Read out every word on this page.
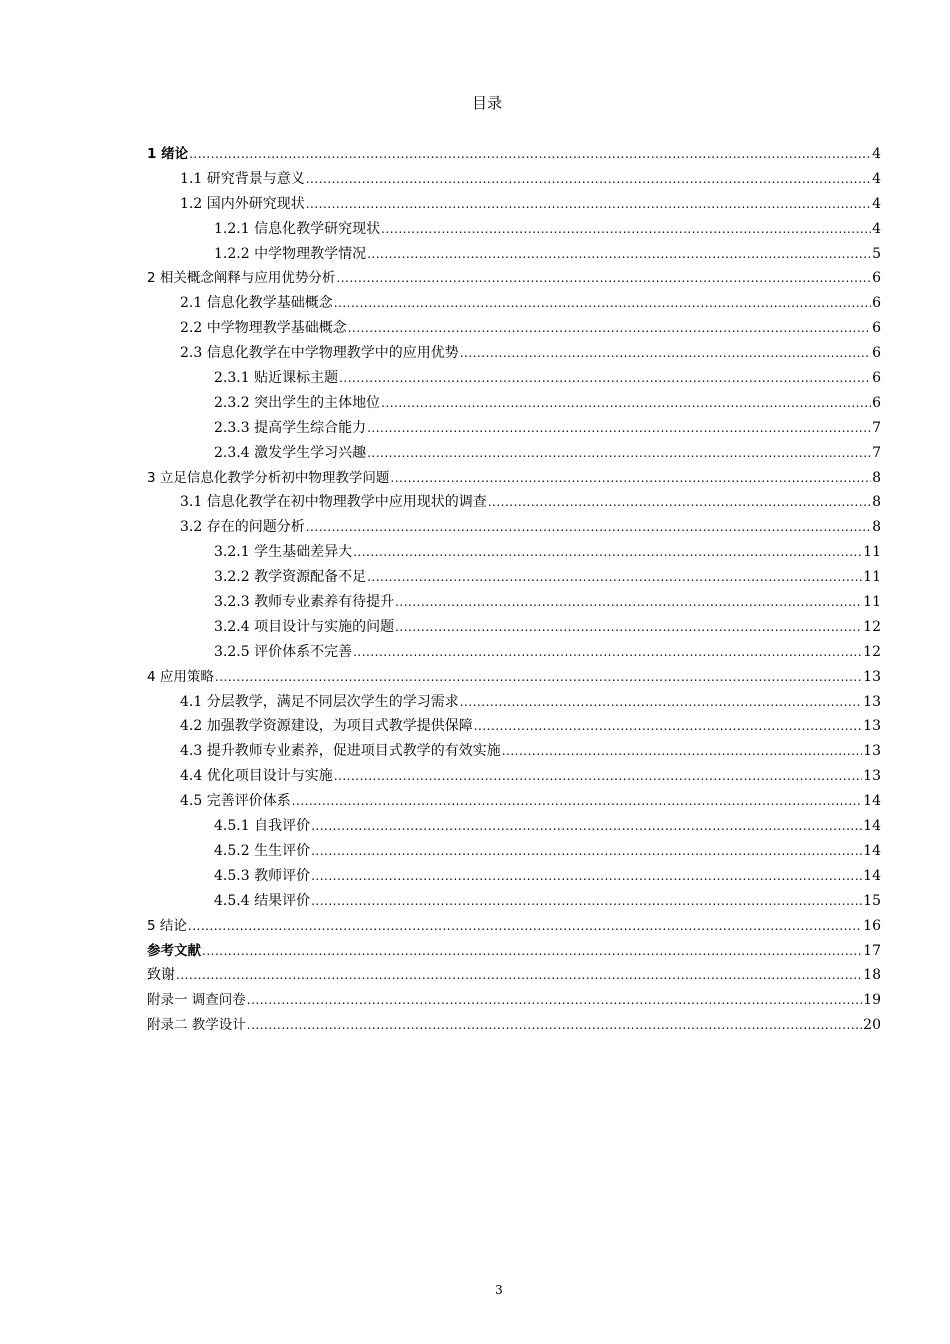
目录
1 绪论 .....	4
1.1 研究背景与意义 .....	4
1.2 国内外研究现状 .....	4
1.2.1 信息化教学研究现状 .....	4
1.2.2 中学物理教学情况 .....	5
2 相关概念阐释与应用优势分析 .....	6
2.1 信息化教学基础概念 .....	6
2.2 中学物理教学基础概念 .....	6
2.3 信息化教学在中学物理教学中的应用优势 .....	6
2.3.1 贴近课标主题 .....	6
2.3.2 突出学生的主体地位 .....	6
2.3.3 提高学生综合能力 .....	7
2.3.4 激发学生学习兴趣 .....	7
3 立足信息化教学分析初中物理教学问题 .....	8
3.1 信息化教学在初中物理教学中应用现状的调查 .....	8
3.2 存在的问题分析 .....	8
3.2.1 学生基础差异大 .....	11
3.2.2 教学资源配备不足 .....	11
3.2.3 教师专业素养有待提升 .....	11
3.2.4 项目设计与实施的问题 .....	12
3.2.5 评价体系不完善 .....	12
4 应用策略 .....	13
4.1 分层教学，满足不同层次学生的学习需求 .....	13
4.2 加强教学资源建设，为项目式教学提供保障 .....	13
4.3 提升教师专业素养，促进项目式教学的有效实施 .....	13
4.4 优化项目设计与实施 .....	13
4.5 完善评价体系 .....	14
4.5.1 自我评价 .....	14
4.5.2 生生评价 .....	14
4.5.3 教师评价 .....	14
4.5.4 结果评价 .....	15
5 结论 .....	16
参考文献 .....	17
致谢 .....	18
附录一 调查问卷 .....	19
附录二 教学设计 .....	20
3
